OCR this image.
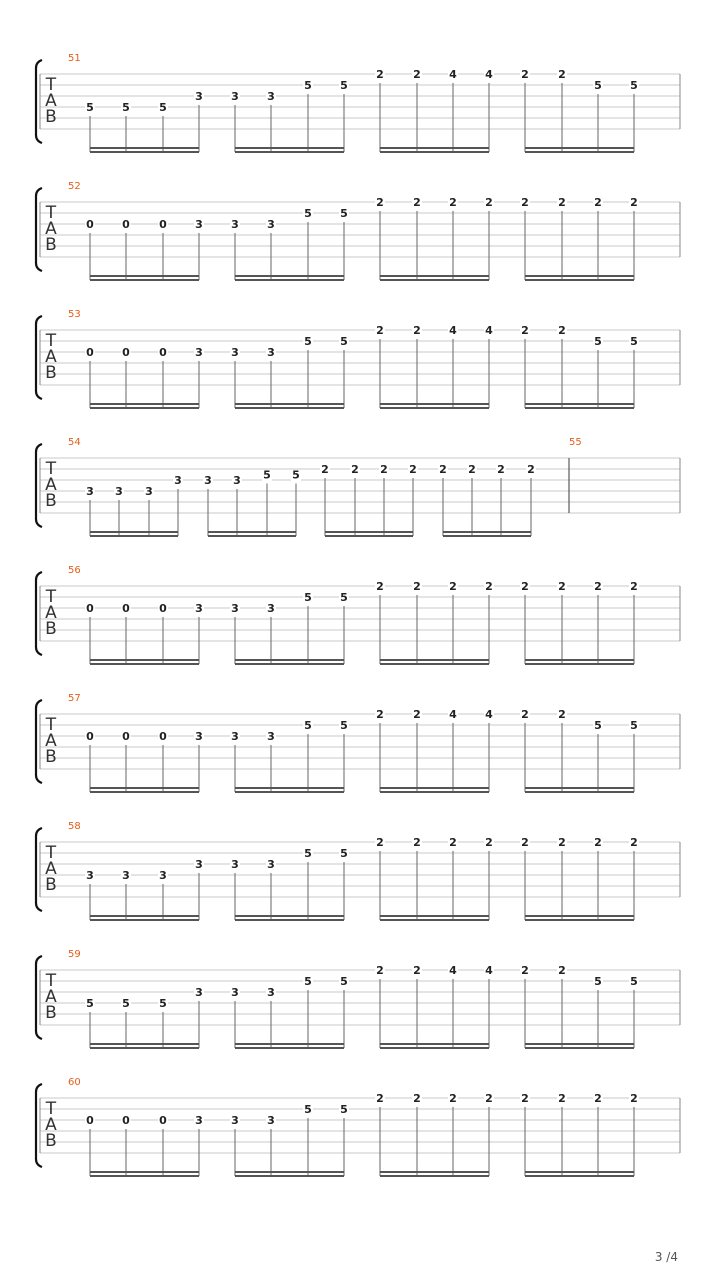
T
A
B
51
5	5	5
3	3	3
5	5
2	2	4	4	2	2
5	5
T
A
B
52
0	0	0	3	3	3
5	5
2	2	2	2	2	2	2	2
T
A
B
53
0	0	0	3	3	3
5	5
2	2	4	4	2	2
5	5
T
A
B
54
3 3 3
3 3 3 5 5 2 2 2 2 2 2 2 2
55
T
A
B
56
0	0	0	3	3	3
5	5
2	2	2	2	2	2	2	2
T
A
B
57
0	0	0	3	3	3
5	5
2	2	4	4	2	2
5	5
T
A
B
58
3	3	3
3	3	3
5	5
2	2	2	2	2	2	2	2
T
A
B
59
5	5	5
3	3	3
5	5
2	2	4	4	2	2
5	5
T
A
B
60
0	0	0	3	3	3
5	5
2	2	2	2	2	2	2	2
3 /4
